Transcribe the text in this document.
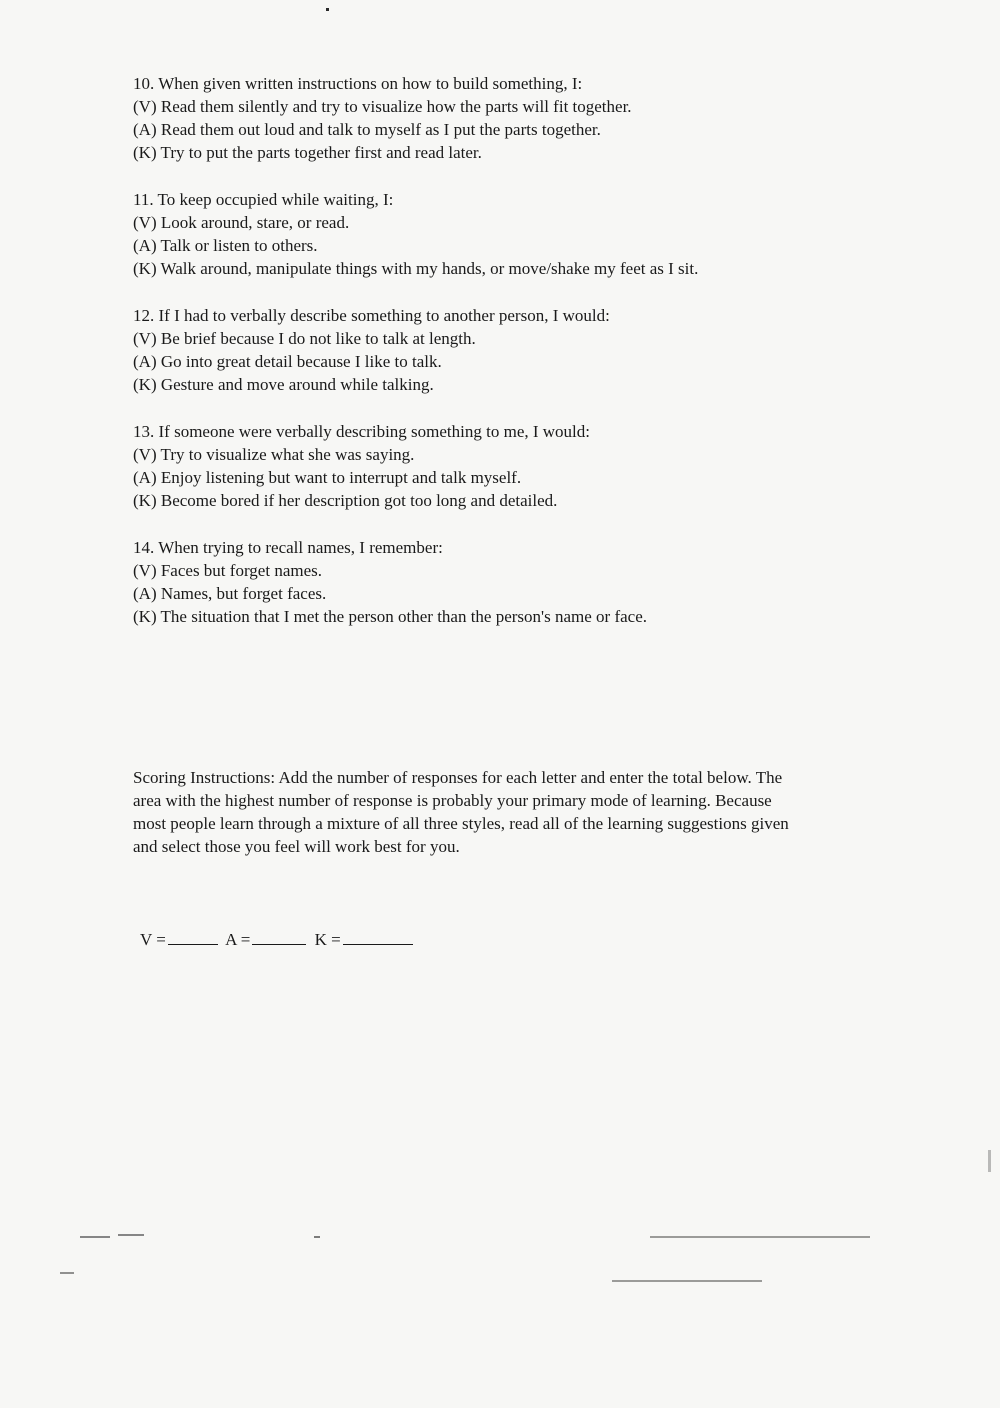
10. When given written instructions on how to build something, I:
(V) Read them silently and try to visualize how the parts will fit together.
(A) Read them out loud and talk to myself as I put the parts together.
(K) Try to put the parts together first and read later.
11. To keep occupied while waiting, I:
(V) Look around, stare, or read.
(A) Talk or listen to others.
(K) Walk around, manipulate things with my hands, or move/shake my feet as I sit.
12. If I had to verbally describe something to another person, I would:
(V) Be brief because I do not like to talk at length.
(A) Go into great detail because I like to talk.
(K) Gesture and move around while talking.
13. If someone were verbally describing something to me, I would:
(V) Try to visualize what she was saying.
(A) Enjoy listening but want to interrupt and talk myself.
(K) Become bored if her description got too long and detailed.
14. When trying to recall names, I remember:
(V) Faces but forget names.
(A) Names, but forget faces.
(K) The situation that I met the person other than the person's name or face.
Scoring Instructions: Add the number of responses for each letter and enter the total below. The
area with the highest number of response is probably your primary mode of learning. Because
most people learn through a mixture of all three styles, read all of the learning suggestions given
and select those you feel will work best for you.
V =	A =	K =
